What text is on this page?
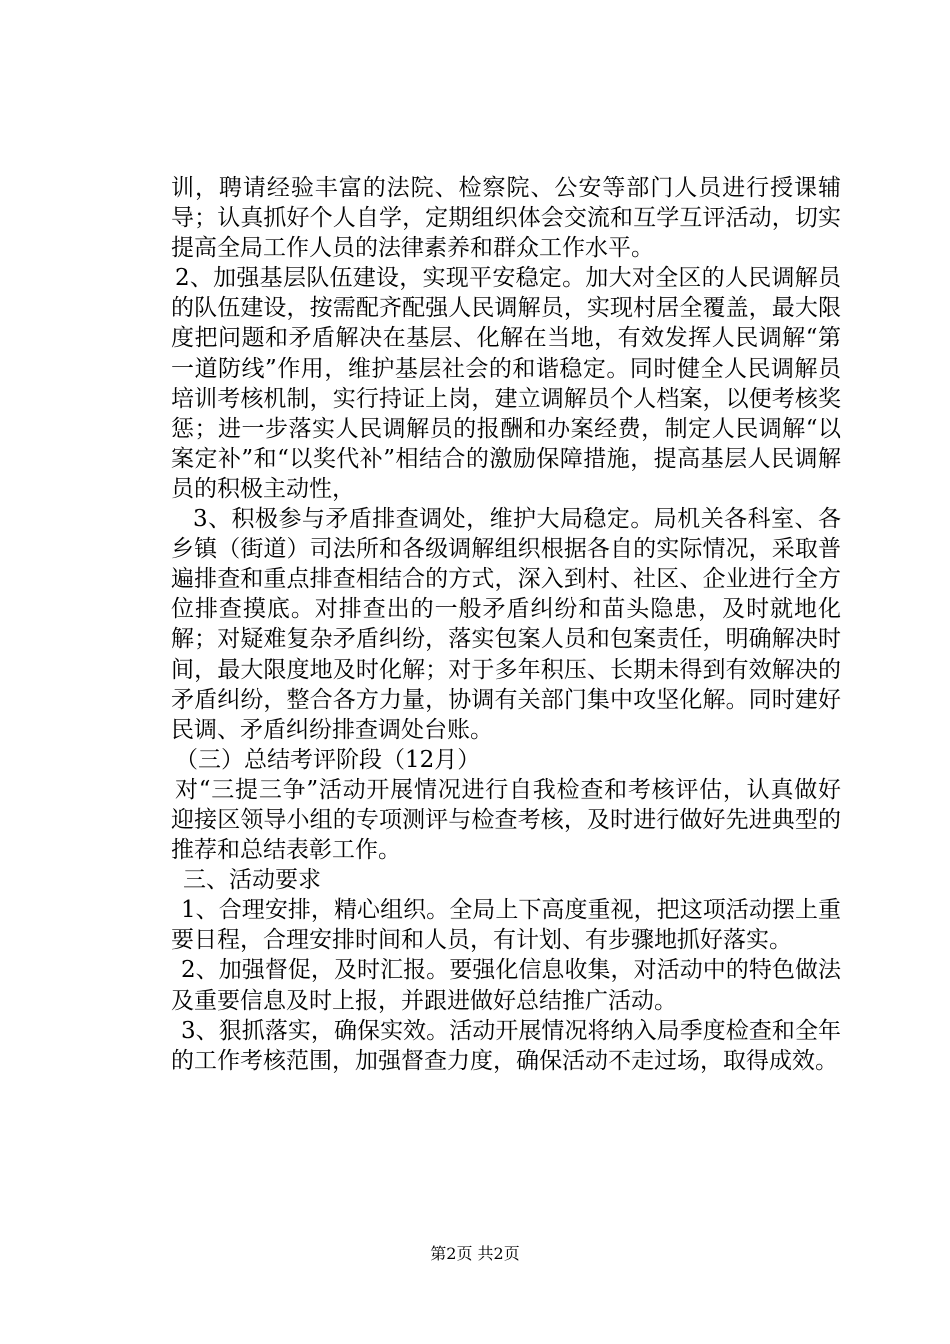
训，聘请经验丰富的法院、检察院、公安等部门人员进行授课辅导；认真抓好个人自学，定期组织体会交流和互学互评活动，切实提高全局工作人员的法律素养和群众工作水平。

2、加强基层队伍建设，实现平安稳定。加大对全区的人民调解员的队伍建设，按需配齐配强人民调解员，实现村居全覆盖，最大限度把问题和矛盾解决在基层、化解在当地，有效发挥人民调解“第一道防线”作用，维护基层社会的和谐稳定。同时健全人民调解员培训考核机制，实行持证上岗，建立调解员个人档案，以便考核奖惩；进一步落实人民调解员的报酬和办案经费，制定人民调解“以案定补”和“以奖代补”相结合的激励保障措施，提高基层人民调解员的积极主动性，

3、积极参与矛盾排查调处，维护大局稳定。局机关各科室、各乡镇（街道）司法所和各级调解组织根据各自的实际情况，采取普遍排查和重点排查相结合的方式，深入到村、社区、企业进行全方位排查摸底。对排查出的一般矛盾纠纷和苗头隐患，及时就地化解；对疑难复杂矛盾纠纷，落实包案人员和包案责任，明确解决时间，最大限度地及时化解；对于多年积压、长期未得到有效解决的矛盾纠纷，整合各方力量，协调有关部门集中攻坚化解。同时建好民调、矛盾纠纷排查调处台账。

（三）总结考评阶段（12月）

对“三提三争”活动开展情况进行自我检查和考核评估，认真做好迎接区领导小组的专项测评与检查考核，及时进行做好先进典型的推荐和总结表彰工作。

三、活动要求

1、合理安排，精心组织。全局上下高度重视，把这项活动摆上重要日程，合理安排时间和人员，有计划、有步骤地抓好落实。

2、加强督促，及时汇报。要强化信息收集，对活动中的特色做法及重要信息及时上报，并跟进做好总结推广活动。

3、狠抓落实，确保实效。活动开展情况将纳入局季度检查和全年的工作考核范围，加强督查力度，确保活动不走过场，取得成效。

第2页 共2页
